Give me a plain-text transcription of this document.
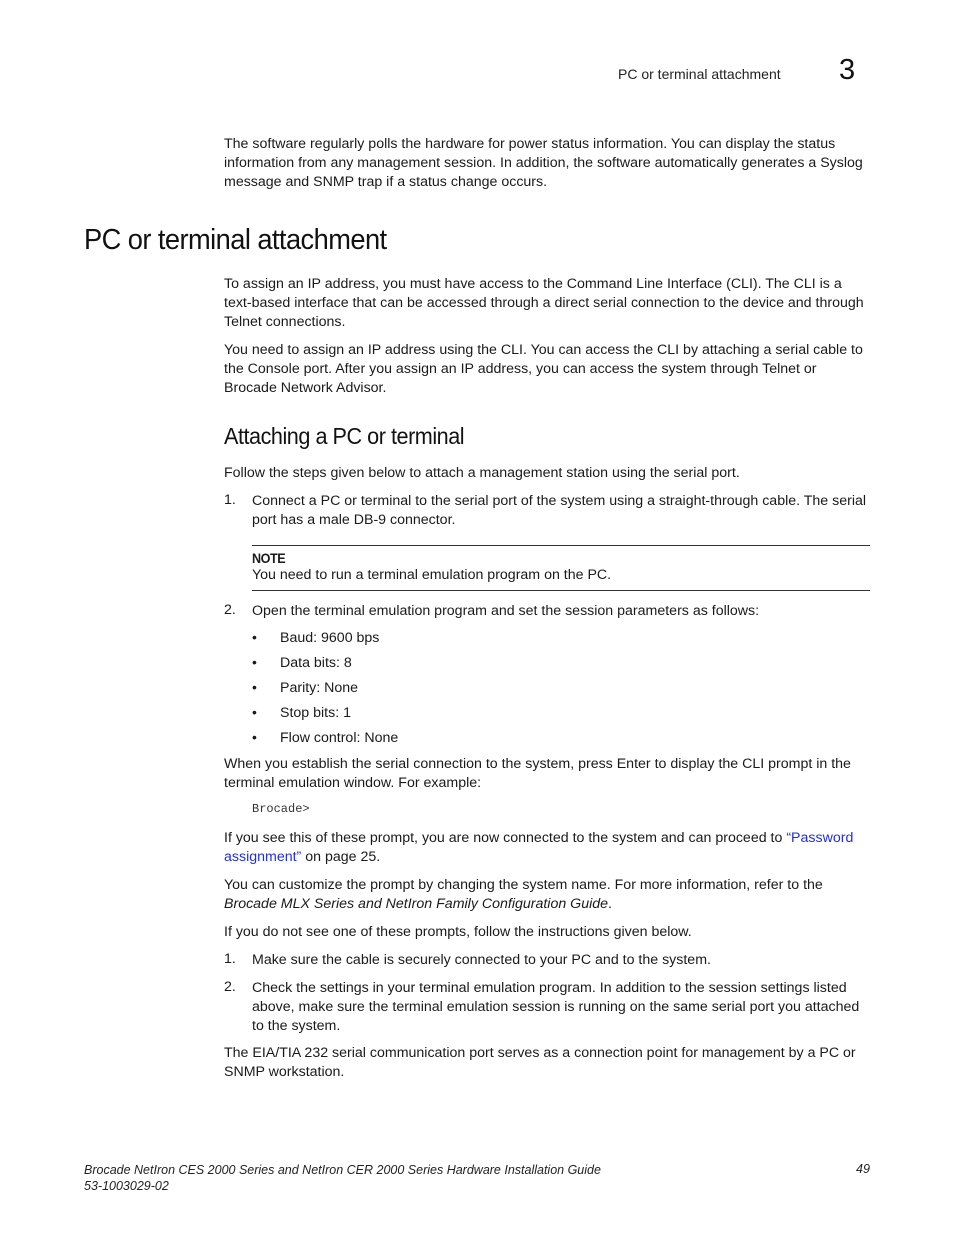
PC or terminal attachment 3

The software regularly polls the hardware for power status information. You can display the status information from any management session. In addition, the software automatically generates a Syslog message and SNMP trap if a status change occurs.

PC or terminal attachment

To assign an IP address, you must have access to the Command Line Interface (CLI). The CLI is a text-based interface that can be accessed through a direct serial connection to the device and through Telnet connections.

You need to assign an IP address using the CLI. You can access the CLI by attaching a serial cable to the Console port. After you assign an IP address, you can access the system through Telnet or Brocade Network Advisor.

Attaching a PC or terminal

Follow the steps given below to attach a management station using the serial port.

1. Connect a PC or terminal to the serial port of the system using a straight-through cable. The serial port has a male DB-9 connector.
NOTE
You need to run a terminal emulation program on the PC.
2. Open the terminal emulation program and set the session parameters as follows:
• Baud: 9600 bps
• Data bits: 8
• Parity: None
• Stop bits: 1
• Flow control: None

When you establish the serial connection to the system, press Enter to display the CLI prompt in the terminal emulation window. For example:

Brocade>

If you see this of these prompt, you are now connected to the system and can proceed to “Password assignment” on page 25.

You can customize the prompt by changing the system name. For more information, refer to the Brocade MLX Series and NetIron Family Configuration Guide.

If you do not see one of these prompts, follow the instructions given below.

1. Make sure the cable is securely connected to your PC and to the system.
2. Check the settings in your terminal emulation program. In addition to the session settings listed above, make sure the terminal emulation session is running on the same serial port you attached to the system.

The EIA/TIA 232 serial communication port serves as a connection point for management by a PC or SNMP workstation.

Brocade NetIron CES 2000 Series and NetIron CER 2000 Series Hardware Installation Guide
53-1003029-02
49
